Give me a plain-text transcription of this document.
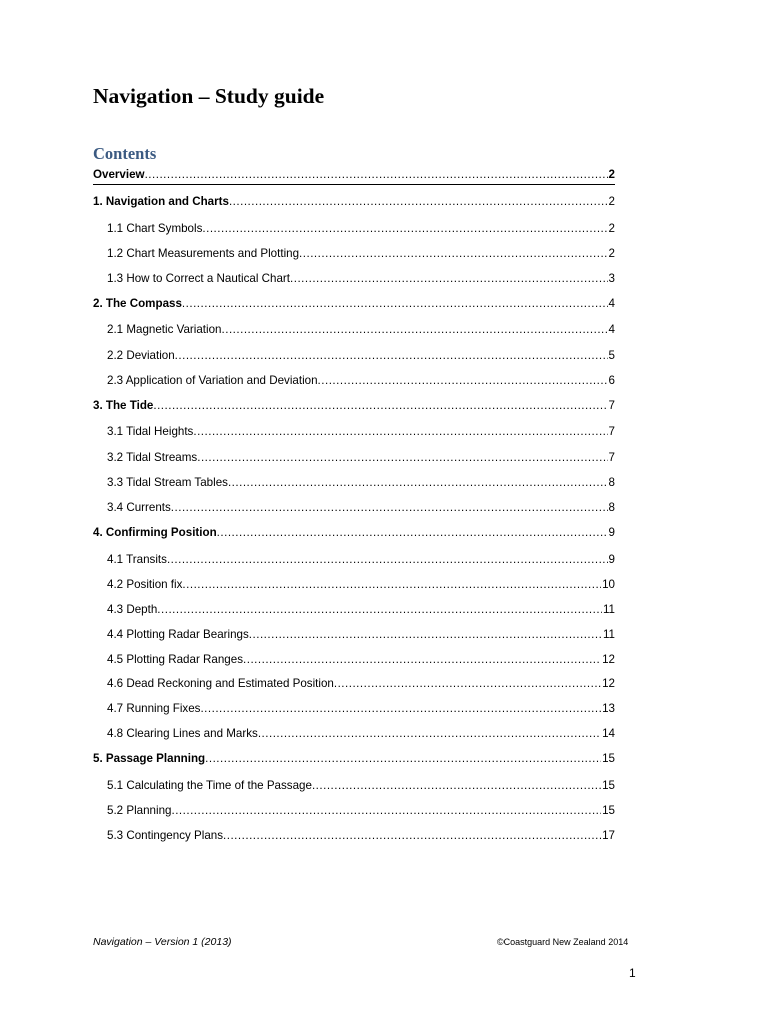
Navigation – Study guide
Contents
Overview .....	2
1. Navigation and Charts .....	2
1.1 Chart Symbols .....	2
1.2 Chart Measurements and Plotting .....	2
1.3 How to Correct a Nautical Chart .....	3
2. The Compass .....	4
2.1 Magnetic Variation .....	4
2.2 Deviation .....	5
2.3 Application of Variation and Deviation .....	6
3. The Tide .....	7
3.1 Tidal Heights .....	7
3.2 Tidal Streams .....	7
3.3 Tidal Stream Tables .....	8
3.4 Currents .....	8
4. Confirming Position .....	9
4.1 Transits .....	9
4.2 Position fix .....	10
4.3 Depth .....	11
4.4 Plotting Radar Bearings .....	11
4.5 Plotting Radar Ranges .....	12
4.6 Dead Reckoning and Estimated Position .....	12
4.7 Running Fixes .....	13
4.8 Clearing Lines and Marks .....	14
5. Passage Planning .....	15
5.1 Calculating the Time of the Passage .....	15
5.2 Planning .....	15
5.3 Contingency Plans .....	17
Navigation – Version 1 (2013)	©Coastguard New Zealand 2014
1
